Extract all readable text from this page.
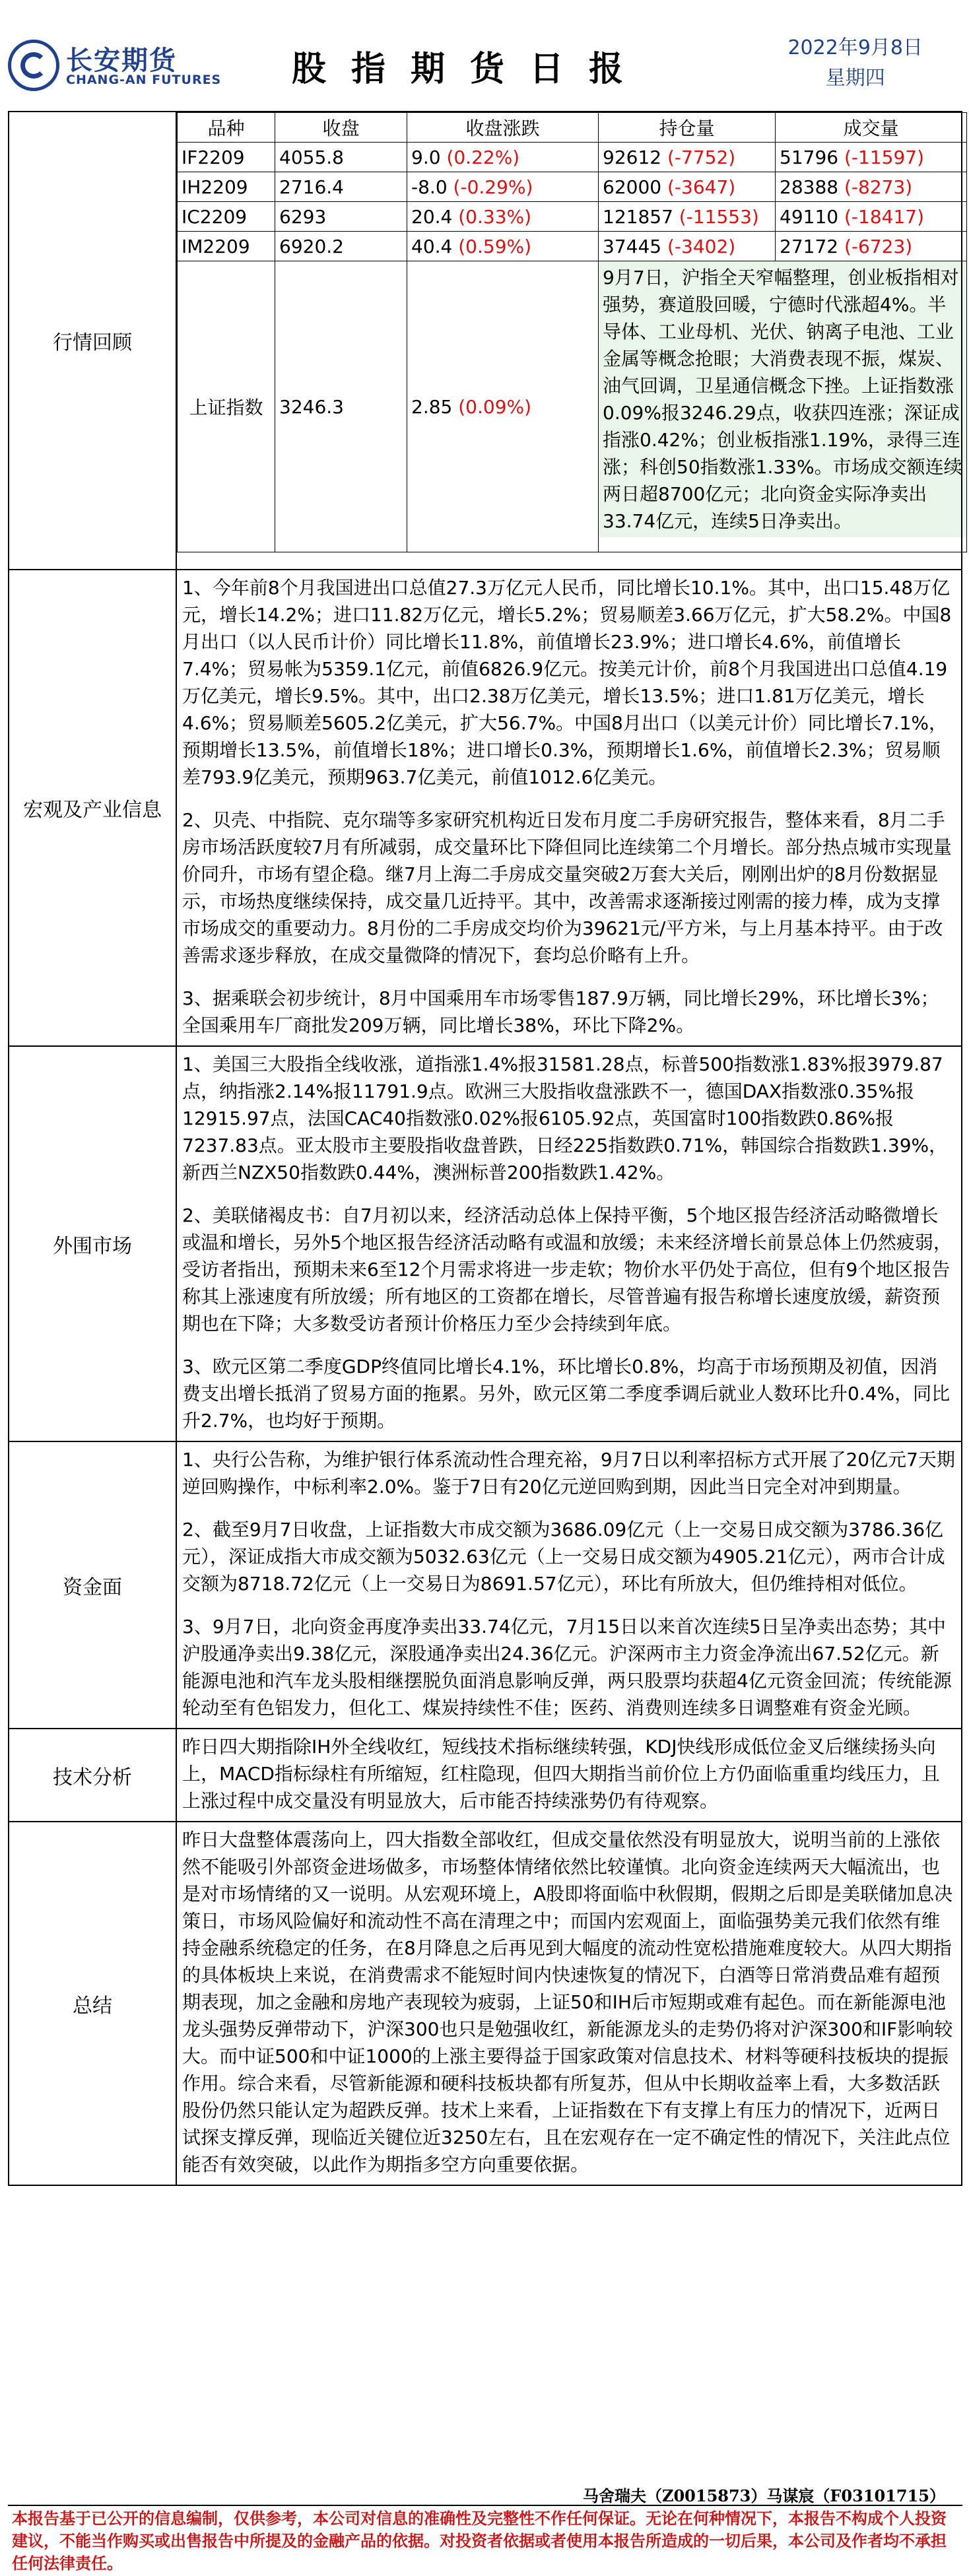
长安期货
CHANG-AN FUTURES 股指期货日报
2022年9月8日
星期四
行情回顾	
品种	收盘	收盘涨跌	持仓量	成交量
IF2209	4055.8	9.0 (0.22%)	92612 (-7752)	51796 (-11597)
IH2209	2716.4	-8.0 (-0.29%)	62000 (-3647)	28388 (-8273)
IC2209	6293	20.4 (0.33%)	121857 (-11553)	49110 (-18417)
IM2209	6920.2	40.4 (0.59%)	37445 (-3402)	27172 (-6723)
上证指数	3246.3	2.85 (0.09%)	
9月7日，沪指全天窄幅整理，创业板指相对强势，赛道股回暖，宁德时代涨超4%。半导体、工业母机、光伏、钠离子电池、工业金属等概念抢眼；大消费表现不振，煤炭、油气回调，卫星通信概念下挫。上证指数涨0.09%报3246.29点，收获四连涨；深证成指涨0.42%；创业板指涨1.19%，录得三连涨；科创50指数涨1.33%。市场成交额连续两日超8700亿元；北向资金实际净卖出33.74亿元，连续5日净卖出。

宏观及产业信息	

1、今年前8个月我国进出口总值27.3万亿元人民币，同比增长10.1%。其中，出口15.48万亿元，增长14.2%；进口11.82万亿元，增长5.2%；贸易顺差3.66万亿元，扩大58.2%。中国8月出口（以人民币计价）同比增长11.8%，前值增长23.9%；进口增长4.6%，前值增长7.4%；贸易帐为5359.1亿元，前值6826.9亿元。按美元计价，前8个月我国进出口总值4.19万亿美元，增长9.5%。其中，出口2.38万亿美元，增长13.5%；进口1.81万亿美元，增长4.6%；贸易顺差5605.2亿美元，扩大56.7%。中国8月出口（以美元计价）同比增长7.1%，预期增长13.5%，前值增长18%；进口增长0.3%，预期增长1.6%，前值增长2.3%；贸易顺差793.9亿美元，预期963.7亿美元，前值1012.6亿美元。

2、贝壳、中指院、克尔瑞等多家研究机构近日发布月度二手房研究报告，整体来看，8月二手房市场活跃度较7月有所减弱，成交量环比下降但同比连续第二个月增长。部分热点城市实现量价同升，市场有望企稳。继7月上海二手房成交量突破2万套大关后，刚刚出炉的8月份数据显示，市场热度继续保持，成交量几近持平。其中，改善需求逐渐接过刚需的接力棒，成为支撑市场成交的重要动力。8月份的二手房成交均价为39621元/平方米，与上月基本持平。由于改善需求逐步释放，在成交量微降的情况下，套均总价略有上升。

3、据乘联会初步统计，8月中国乘用车市场零售187.9万辆，同比增长29%，环比增长3%；全国乘用车厂商批发209万辆，同比增长38%，环比下降2%。

外围市场	

1、美国三大股指全线收涨，道指涨1.4%报31581.28点，标普500指数涨1.83%报3979.87点，纳指涨2.14%报11791.9点。欧洲三大股指收盘涨跌不一，德国DAX指数涨0.35%报12915.97点，法国CAC40指数涨0.02%报6105.92点，英国富时100指数跌0.86%报7237.83点。亚太股市主要股指收盘普跌，日经225指数跌0.71%，韩国综合指数跌1.39%，新西兰NZX50指数跌0.44%，澳洲标普200指数跌1.42%。

2、美联储褐皮书：自7月初以来，经济活动总体上保持平衡，5个地区报告经济活动略微增长或温和增长，另外5个地区报告经济活动略有或温和放缓；未来经济增长前景总体上仍然疲弱，受访者指出，预期未来6至12个月需求将进一步走软；物价水平仍处于高位，但有9个地区报告称其上涨速度有所放缓；所有地区的工资都在增长，尽管普遍有报告称增长速度放缓，薪资预期也在下降；大多数受访者预计价格压力至少会持续到年底。

3、欧元区第二季度GDP终值同比增长4.1%，环比增长0.8%，均高于市场预期及初值，因消费支出增长抵消了贸易方面的拖累。另外，欧元区第二季度季调后就业人数环比升0.4%，同比升2.7%，也均好于预期。

资金面	

1、央行公告称，为维护银行体系流动性合理充裕，9月7日以利率招标方式开展了20亿元7天期逆回购操作，中标利率2.0%。鉴于7日有20亿元逆回购到期，因此当日完全对冲到期量。

2、截至9月7日收盘，上证指数大市成交额为3686.09亿元（上一交易日成交额为3786.36亿元），深证成指大市成交额为5032.63亿元（上一交易日成交额为4905.21亿元），两市合计成交额为8718.72亿元（上一交易日为8691.57亿元），环比有所放大，但仍维持相对低位。

3、9月7日，北向资金再度净卖出33.74亿元，7月15日以来首次连续5日呈净卖出态势；其中沪股通净卖出9.38亿元，深股通净卖出24.36亿元。沪深两市主力资金净流出67.52亿元。新能源电池和汽车龙头股相继摆脱负面消息影响反弹，两只股票均获超4亿元资金回流；传统能源轮动至有色铝发力，但化工、煤炭持续性不佳；医药、消费则连续多日调整难有资金光顾。

技术分析	

昨日四大期指除IH外全线收红，短线技术指标继续转强，KDJ快线形成低位金叉后继续扬头向上，MACD指标绿柱有所缩短，红柱隐现，但四大期指当前价位上方仍面临重重均线压力，且上涨过程中成交量没有明显放大，后市能否持续涨势仍有待观察。

总结	

昨日大盘整体震荡向上，四大指数全部收红，但成交量依然没有明显放大，说明当前的上涨依然不能吸引外部资金进场做多，市场整体情绪依然比较谨慎。北向资金连续两天大幅流出，也是对市场情绪的又一说明。从宏观环境上，A股即将面临中秋假期，假期之后即是美联储加息决策日，市场风险偏好和流动性不高在清理之中；而国内宏观面上，面临强势美元我们依然有维持金融系统稳定的任务，在8月降息之后再见到大幅度的流动性宽松措施难度较大。从四大期指的具体板块上来说，在消费需求不能短时间内快速恢复的情况下，白酒等日常消费品难有超预期表现，加之金融和房地产表现较为疲弱，上证50和IH后市短期或难有起色。而在新能源电池龙头强势反弹带动下，沪深300也只是勉强收红，新能源龙头的走势仍将对沪深300和IF影响较大。而中证500和中证1000的上涨主要得益于国家政策对信息技术、材料等硬科技板块的提振作用。综合来看，尽管新能源和硬科技板块都有所复苏，但从中长期收益率上看，大多数活跃股份仍然只能认定为超跌反弹。技术上来看，上证指数在下有支撑上有压力的情况下，近两日试探支撑反弹，现临近关键位近3250左右，且在宏观存在一定不确定性的情况下，关注此点位能否有效突破，以此作为期指多空方向重要依据。

马舍瑞夫（Z0015873）马谋宸（F03101715）
本报告基于已公开的信息编制，仅供参考，本公司对信息的准确性及完整性不作任何保证。无论在何种情况下，本报告不构成个人投资建议，不能当作购买或出售报告中所提及的金融产品的依据。对投资者依据或者使用本报告所造成的一切后果，本公司及作者均不承担任何法律责任。
